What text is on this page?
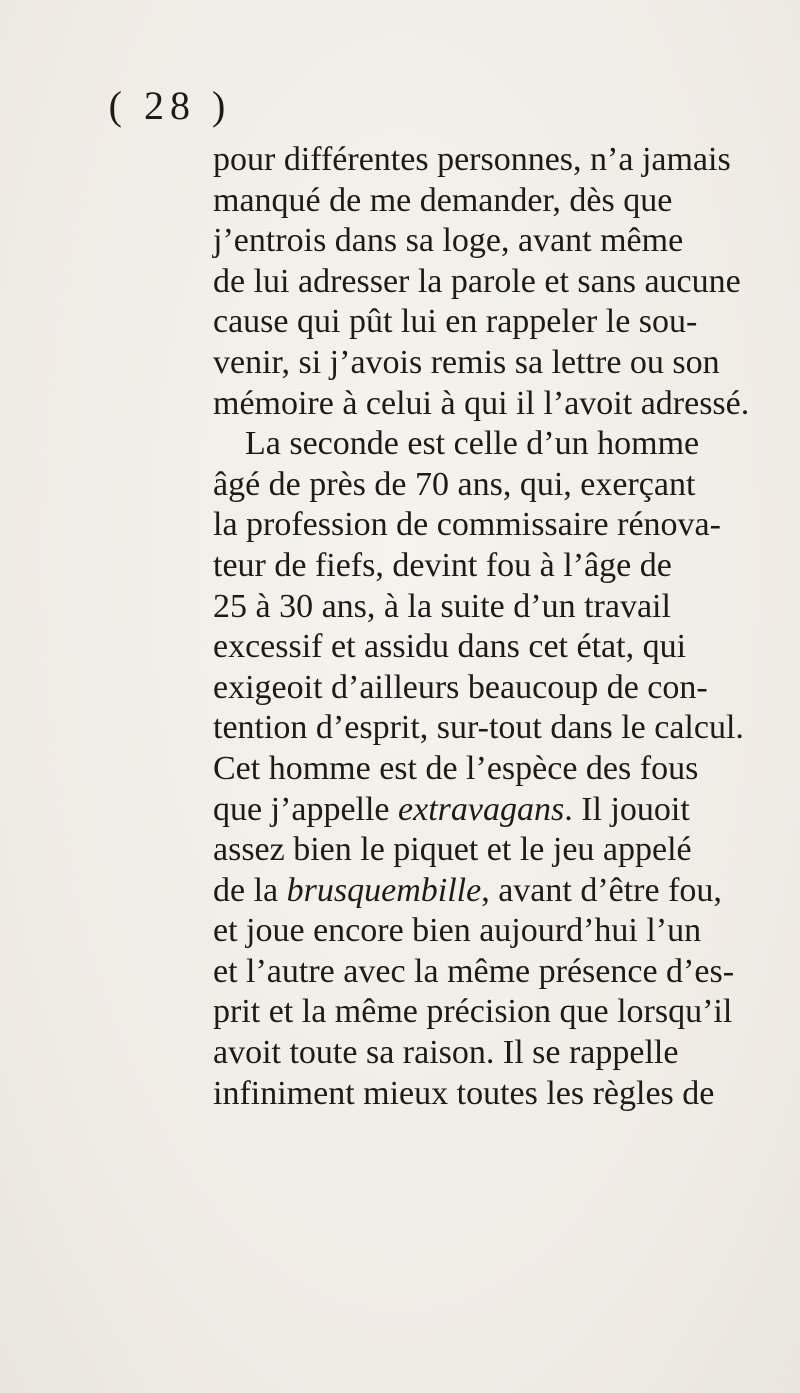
( 28 )
pour différentes personnes, n’a jamais
manqué de me demander, dès que
j’entrois dans sa loge, avant même
de lui adresser la parole et sans aucune
cause qui pût lui en rappeler le sou-
venir, si j’avois remis sa lettre ou son
mémoire à celui à qui il l’avoit adressé.
La seconde est celle d’un homme
âgé de près de 70 ans, qui, exerçant
la profession de commissaire rénova-
teur de fiefs, devint fou à l’âge de
25 à 30 ans, à la suite d’un travail
excessif et assidu dans cet état, qui
exigeoit d’ailleurs beaucoup de con-
tention d’esprit, sur-tout dans le calcul.
Cet homme est de l’espèce des fous
que j’appelle extravagans. Il jouoit
assez bien le piquet et le jeu appelé
de la brusquembille, avant d’être fou,
et joue encore bien aujourd’hui l’un
et l’autre avec la même présence d’es-
prit et la même précision que lorsqu’il
avoit toute sa raison. Il se rappelle
infiniment mieux toutes les règles de
